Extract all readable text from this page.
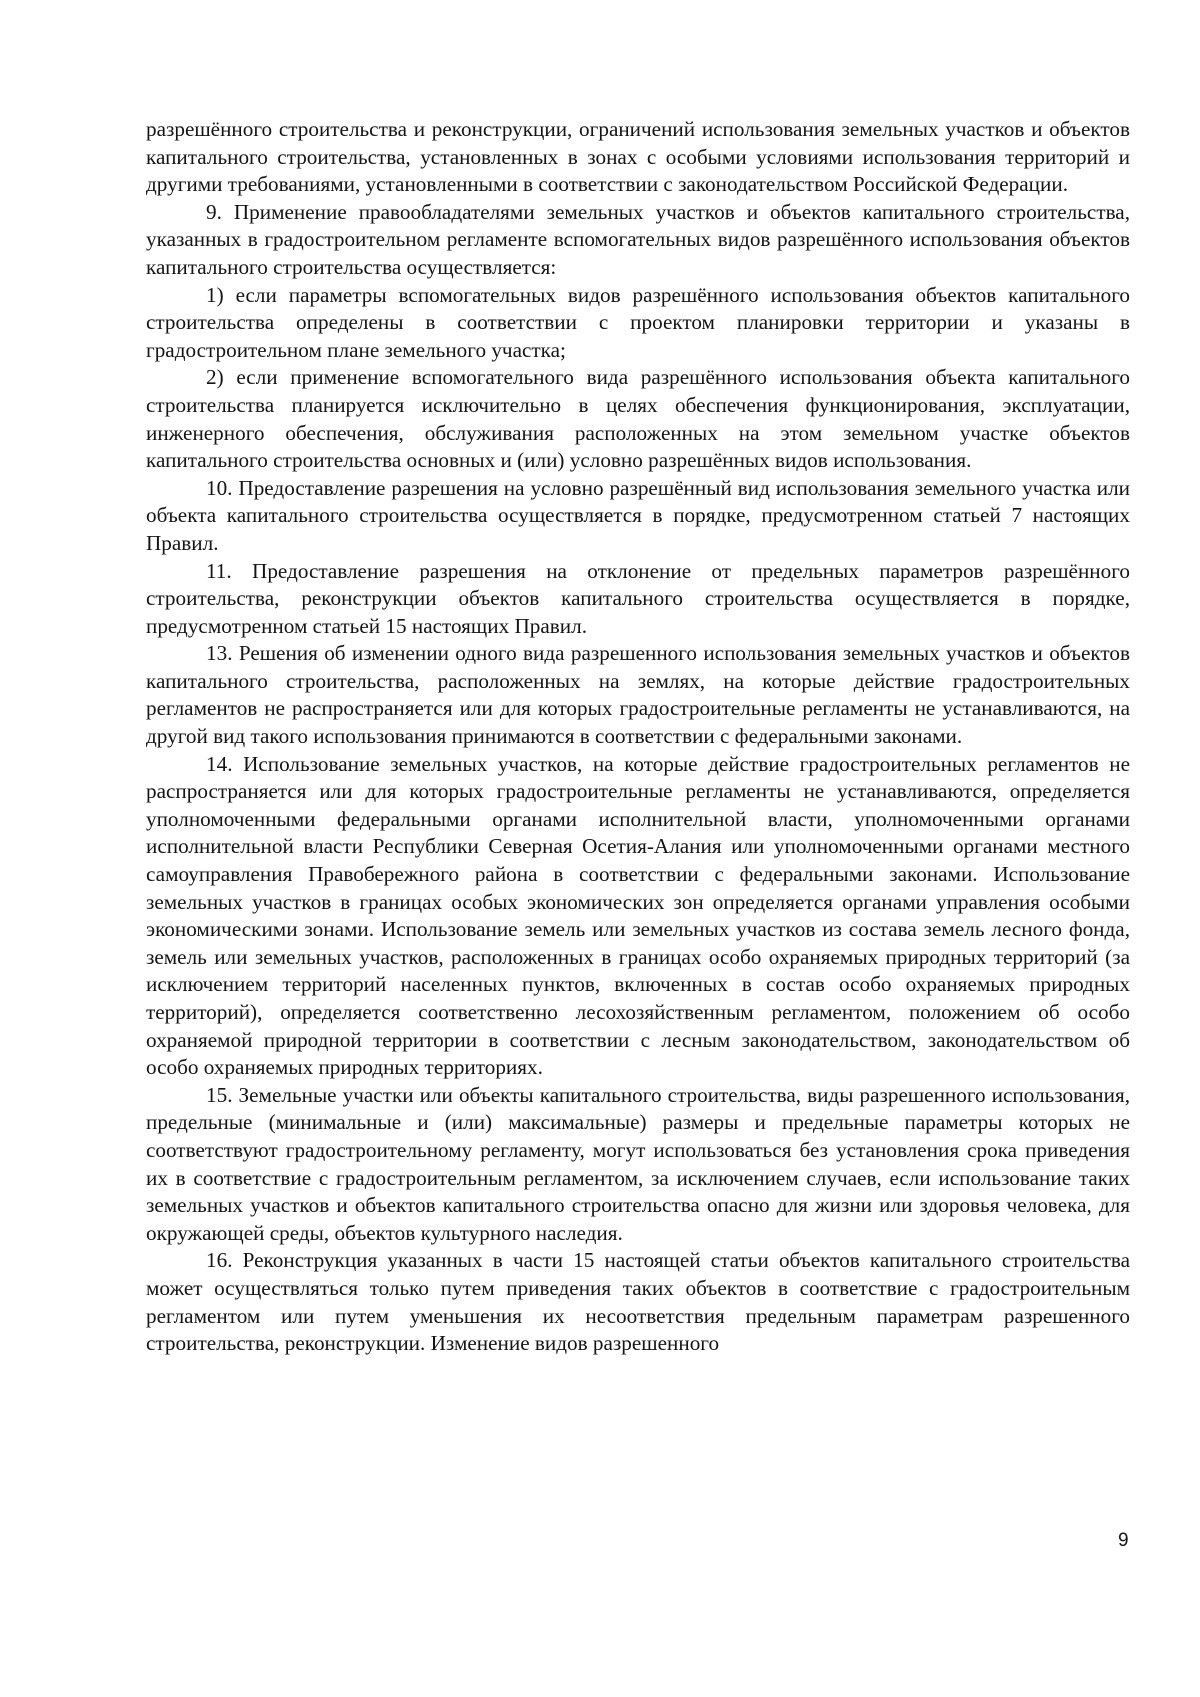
разрешённого строительства и реконструкции, ограничений использования земельных участков и объектов капитального строительства, установленных в зонах с особыми условиями использования территорий и другими требованиями, установленными в соответствии с законодательством Российской Федерации.

9. Применение правообладателями земельных участков и объектов капитального строительства, указанных в градостроительном регламенте вспомогательных видов разрешённого использования объектов капитального строительства осуществляется:

1) если параметры вспомогательных видов разрешённого использования объектов капитального строительства определены в соответствии с проектом планировки территории и указаны в градостроительном плане земельного участка;

2) если применение вспомогательного вида разрешённого использования объекта капитального строительства планируется исключительно в целях обеспечения функционирования, эксплуатации, инженерного обеспечения, обслуживания расположенных на этом земельном участке объектов капитального строительства основных и (или) условно разрешённых видов использования.

10. Предоставление разрешения на условно разрешённый вид использования земельного участка или объекта капитального строительства осуществляется в порядке, предусмотренном статьей 7 настоящих Правил.

11. Предоставление разрешения на отклонение от предельных параметров разрешённого строительства, реконструкции объектов капитального строительства осуществляется в порядке, предусмотренном статьей 15 настоящих Правил.

13. Решения об изменении одного вида разрешенного использования земельных участков и объектов капитального строительства, расположенных на землях, на которые действие градостроительных регламентов не распространяется или для которых градостроительные регламенты не устанавливаются, на другой вид такого использования принимаются в соответствии с федеральными законами.

14. Использование земельных участков, на которые действие градостроительных регламентов не распространяется или для которых градостроительные регламенты не устанавливаются, определяется уполномоченными федеральными органами исполнительной власти, уполномоченными органами исполнительной власти Республики Северная Осетия-Алания или уполномоченными органами местного самоуправления Правобережного района в соответствии с федеральными законами. Использование земельных участков в границах особых экономических зон определяется органами управления особыми экономическими зонами. Использование земель или земельных участков из состава земель лесного фонда, земель или земельных участков, расположенных в границах особо охраняемых природных территорий (за исключением территорий населенных пунктов, включенных в состав особо охраняемых природных территорий), определяется соответственно лесохозяйственным регламентом, положением об особо охраняемой природной территории в соответствии с лесным законодательством, законодательством об особо охраняемых природных территориях.

15. Земельные участки или объекты капитального строительства, виды разрешенного использования, предельные (минимальные и (или) максимальные) размеры и предельные параметры которых не соответствуют градостроительному регламенту, могут использоваться без установления срока приведения их в соответствие с градостроительным регламентом, за исключением случаев, если использование таких земельных участков и объектов капитального строительства опасно для жизни или здоровья человека, для окружающей среды, объектов культурного наследия.

16. Реконструкция указанных в части 15 настоящей статьи объектов капитального строительства может осуществляться только путем приведения таких объектов в соответствие с градостроительным регламентом или путем уменьшения их несоответствия предельным параметрам разрешенного строительства, реконструкции. Изменение видов разрешенного

9
